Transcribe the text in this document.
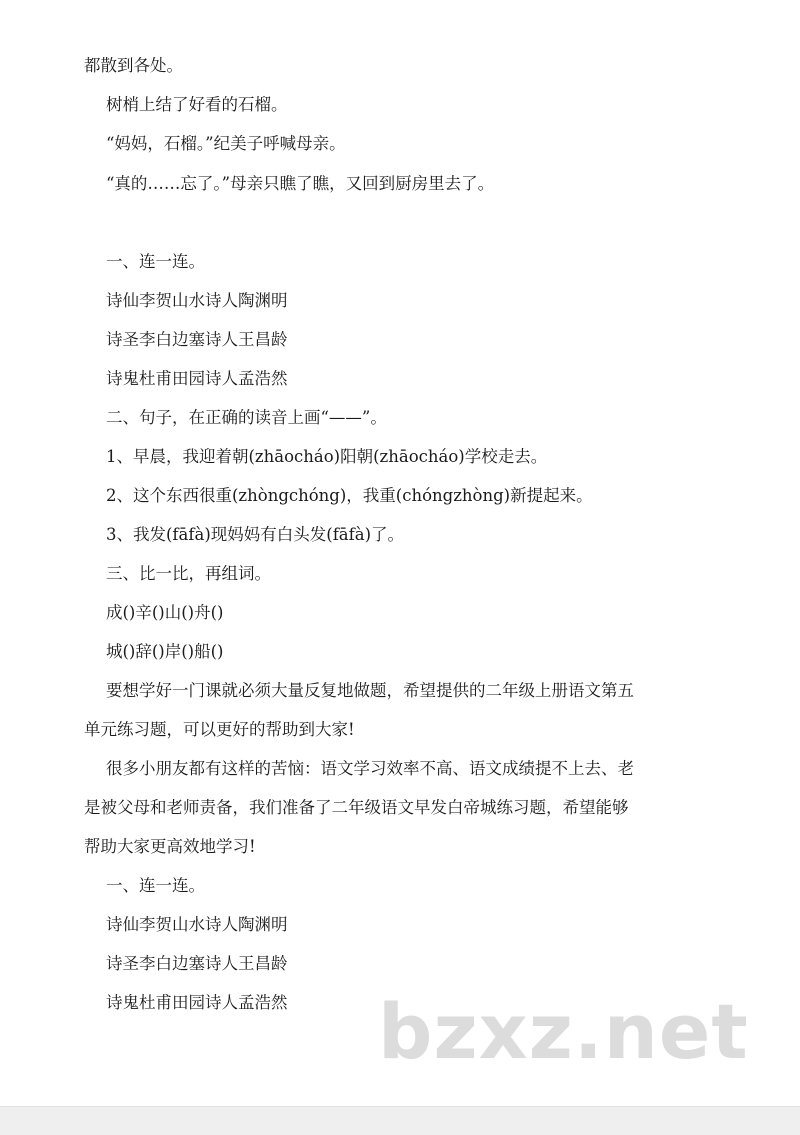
都散到各处。
树梢上结了好看的石榴。
“妈妈，石榴。”纪美子呼喊母亲。
“真的……忘了。”母亲只瞧了瞧，又回到厨房里去了。
一、连一连。
诗仙李贺山水诗人陶渊明
诗圣李白边塞诗人王昌龄
诗鬼杜甫田园诗人孟浩然
二、句子，在正确的读音上画“——”。
1、早晨，我迎着朝(zhāocháo)阳朝(zhāocháo)学校走去。
2、这个东西很重(zhòngchóng)，我重(chóngzhòng)新提起来。
3、我发(fāfà)现妈妈有白头发(fāfà)了。
三、比一比，再组词。
成()辛()山()舟()
城()辞()岸()船()
要想学好一门课就必须大量反复地做题，希望提供的二年级上册语文第五
单元练习题，可以更好的帮助到大家!
很多小朋友都有这样的苦恼：语文学习效率不高、语文成绩提不上去、老
是被父母和老师责备，我们准备了二年级语文早发白帝城练习题，希望能够
帮助大家更高效地学习!
一、连一连。
诗仙李贺山水诗人陶渊明
诗圣李白边塞诗人王昌龄
诗鬼杜甫田园诗人孟浩然 bzxz.net
